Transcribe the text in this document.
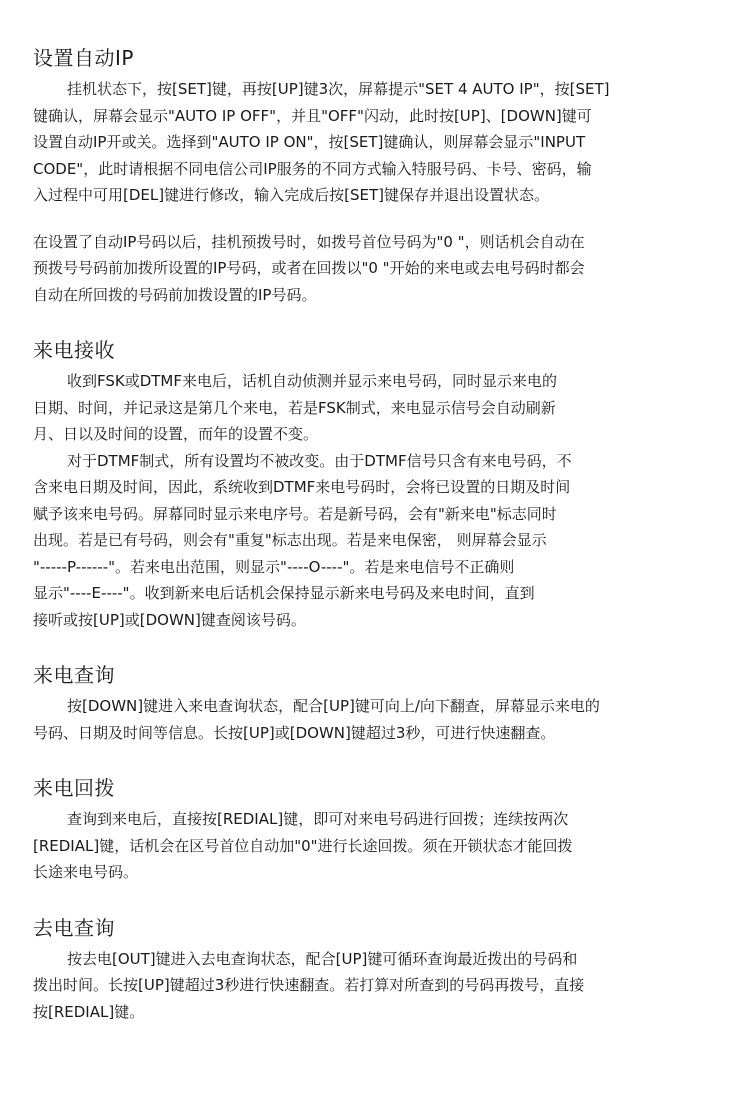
设置自动IP

挂机状态下，按[SET]键，再按[UP]键3次，屏幕提示"SET 4 AUTO IP"，按[SET]
键确认，屏幕会显示"AUTO IP OFF"，并且"OFF"闪动，此时按[UP]、[DOWN]键可
设置自动IP开或关。选择到"AUTO IP ON"，按[SET]键确认，则屏幕会显示"INPUT
CODE"，此时请根据不同电信公司IP服务的不同方式输入特服号码、卡号、密码，输
入过程中可用[DEL]键进行修改，输入完成后按[SET]键保存并退出设置状态。

在设置了自动IP号码以后，挂机预拨号时，如拨号首位号码为"0 "，则话机会自动在
预拨号号码前加拨所设置的IP号码，或者在回拨以"0 "开始的来电或去电号码时都会
自动在所回拨的号码前加拨设置的IP号码。

来电接收

收到FSK或DTMF来电后，话机自动侦测并显示来电号码，同时显示来电的
日期、时间，并记录这是第几个来电，若是FSK制式，来电显示信号会自动刷新
月、日以及时间的设置，而年的设置不变。

对于DTMF制式，所有设置均不被改变。由于DTMF信号只含有来电号码，不
含来电日期及时间，因此，系统收到DTMF来电号码时，会将已设置的日期及时间
赋予该来电号码。屏幕同时显示来电序号。若是新号码，会有"新来电"标志同时
出现。若是已有号码，则会有"重复"标志出现。若是来电保密， 则屏幕会显示
"-----P------"。若来电出范围，则显示"----O----"。若是来电信号不正确则
显示"----E----"。收到新来电后话机会保持显示新来电号码及来电时间，直到
接听或按[UP]或[DOWN]键查阅该号码。

来电查询

按[DOWN]键进入来电查询状态，配合[UP]键可向上/向下翻查，屏幕显示来电的
号码、日期及时间等信息。长按[UP]或[DOWN]键超过3秒，可进行快速翻查。

来电回拨

查询到来电后，直接按[REDIAL]键，即可对来电号码进行回拨；连续按两次
[REDIAL]键，话机会在区号首位自动加"0"进行长途回拨。须在开锁状态才能回拨
长途来电号码。

去电查询

按去电[OUT]键进入去电查询状态，配合[UP]键可循环查询最近拨出的号码和
拨出时间。长按[UP]键超过3秒进行快速翻查。若打算对所查到的号码再拨号，直接
按[REDIAL]键。
